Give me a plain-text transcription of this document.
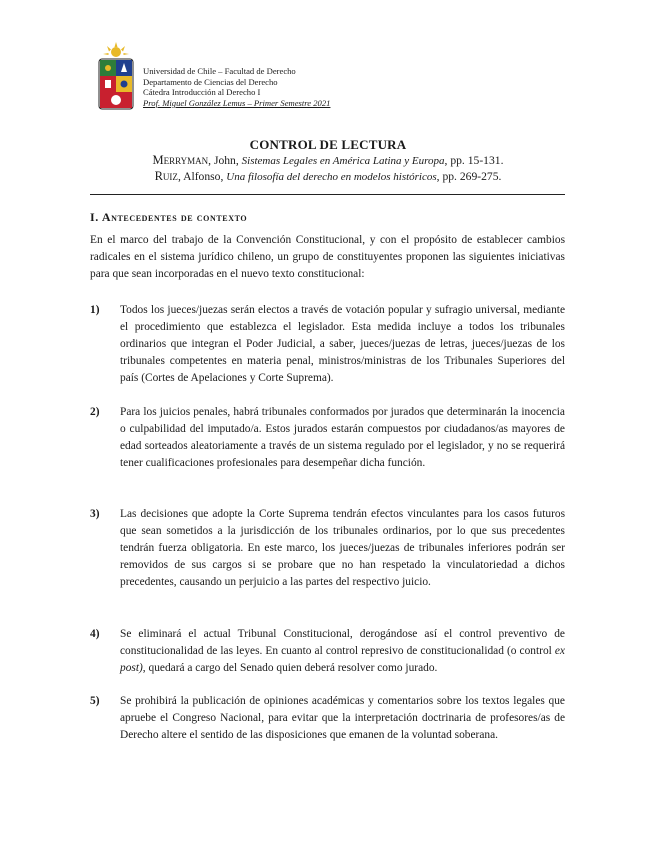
Universidad de Chile – Facultad de Derecho
Departamento de Ciencias del Derecho
Cátedra Introducción al Derecho I
Prof. Miguel González Lemus – Primer Semestre 2021
CONTROL DE LECTURA
Merryman, John, Sistemas Legales en América Latina y Europa, pp. 15-131.
Ruiz, Alfonso, Una filosofía del derecho en modelos históricos, pp. 269-275.
I. Antecedentes de contexto
En el marco del trabajo de la Convención Constitucional, y con el propósito de establecer cambios radicales en el sistema jurídico chileno, un grupo de constituyentes proponen las siguientes iniciativas para que sean incorporadas en el nuevo texto constitucional:
1) Todos los jueces/juezas serán electos a través de votación popular y sufragio universal, mediante el procedimiento que establezca el legislador. Esta medida incluye a todos los tribunales ordinarios que integran el Poder Judicial, a saber, jueces/juezas de letras, jueces/juezas de los tribunales competentes en materia penal, ministros/ministras de los Tribunales Superiores del país (Cortes de Apelaciones y Corte Suprema).
2) Para los juicios penales, habrá tribunales conformados por jurados que determinarán la inocencia o culpabilidad del imputado/a. Estos jurados estarán compuestos por ciudadanos/as mayores de edad sorteados aleatoriamente a través de un sistema regulado por el legislador, y no se requerirá tener cualificaciones profesionales para desempeñar dicha función.
3) Las decisiones que adopte la Corte Suprema tendrán efectos vinculantes para los casos futuros que sean sometidos a la jurisdicción de los tribunales ordinarios, por lo que sus precedentes tendrán fuerza obligatoria. En este marco, los jueces/juezas de tribunales inferiores podrán ser removidos de sus cargos si se probare que no han respetado la vinculatoriedad a dichos precedentes, causando un perjuicio a las partes del respectivo juicio.
4) Se eliminará el actual Tribunal Constitucional, derogándose así el control preventivo de constitucionalidad de las leyes. En cuanto al control represivo de constitucionalidad (o control ex post), quedará a cargo del Senado quien deberá resolver como jurado.
5) Se prohibirá la publicación de opiniones académicas y comentarios sobre los textos legales que apruebe el Congreso Nacional, para evitar que la interpretación doctrinaria de profesores/as de Derecho altere el sentido de las disposiciones que emanen de la voluntad soberana.
